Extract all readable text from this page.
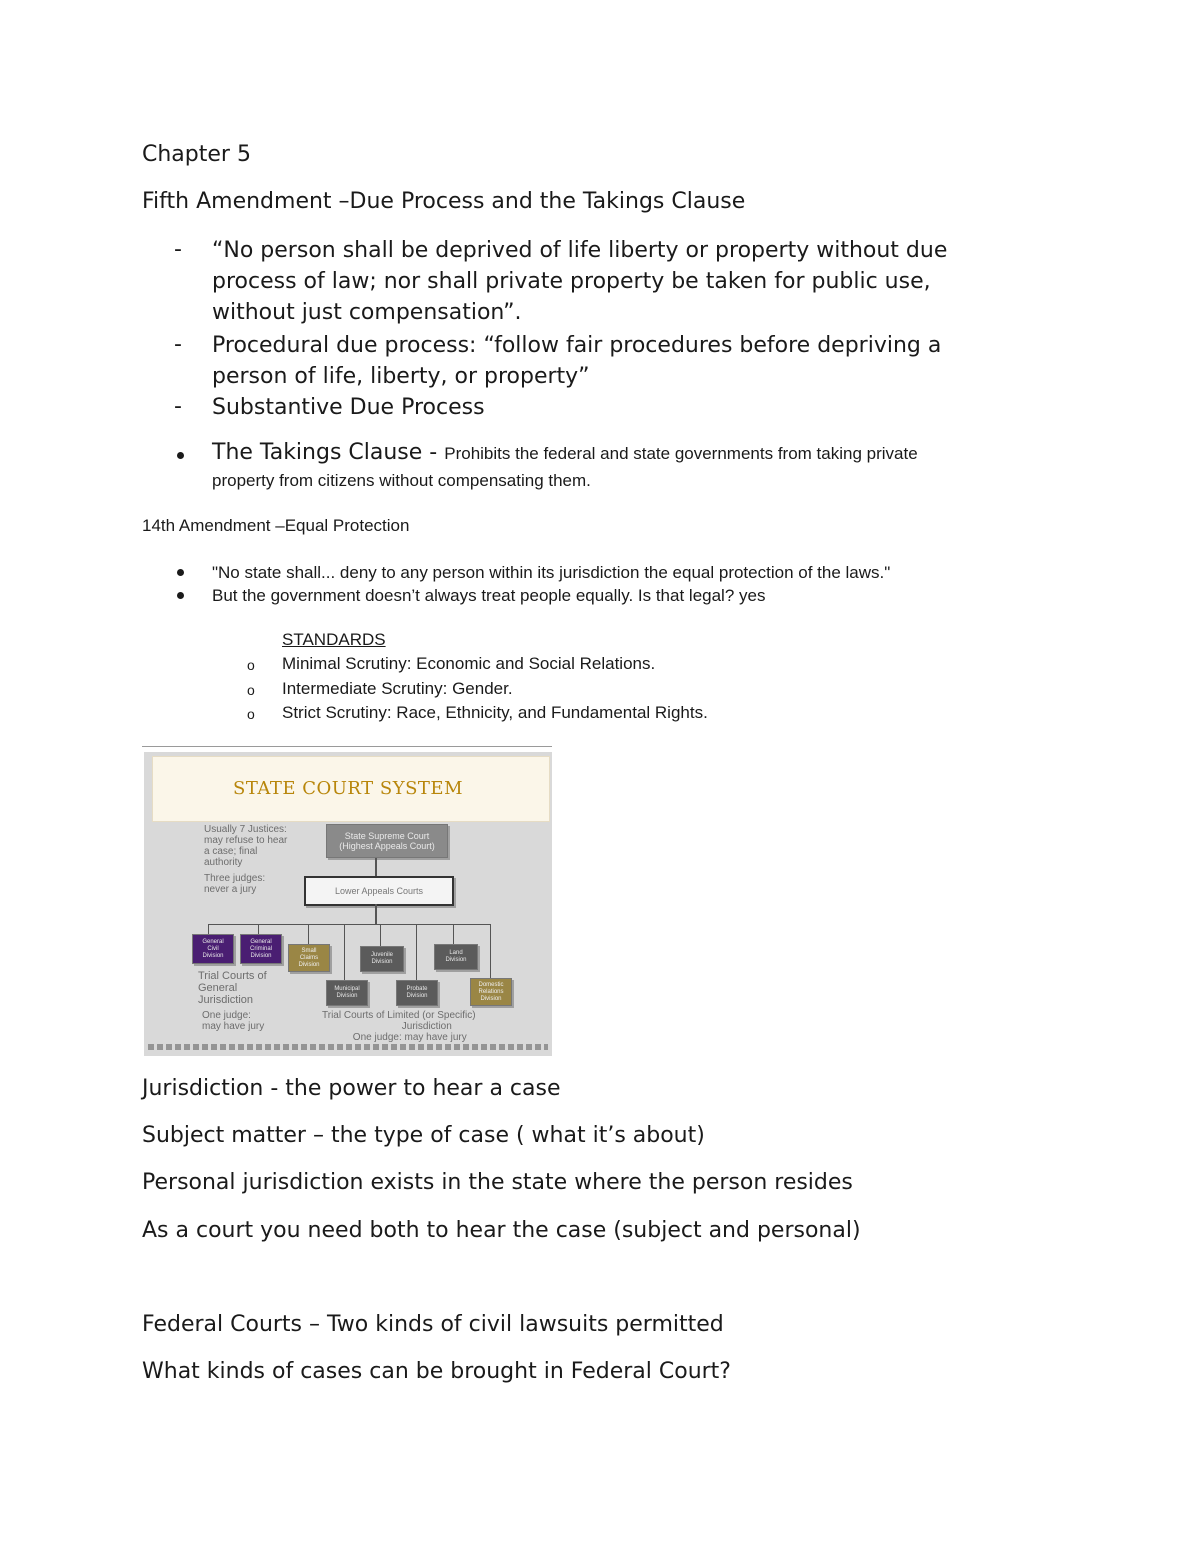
Chapter 5
Fifth Amendment –Due Process and the Takings Clause
- “No person shall be deprived of life liberty or property without due
process of law; nor shall private property be taken for public use,
without just compensation”.
- Procedural due process: “follow fair procedures before depriving a
person of life, liberty, or property”
- Substantive Due Process
The Takings Clause - Prohibits the federal and state governments from taking private
property from citizens without compensating them.
14th Amendment –Equal Protection
"No state shall... deny to any person within its jurisdiction the equal protection of the laws."
But the government doesn’t always treat people equally. Is that legal? yes
STANDARDS
o Minimal Scrutiny: Economic and Social Relations.
o Intermediate Scrutiny: Gender.
o Strict Scrutiny: Race, Ethnicity, and Fundamental Rights.
STATE COURT SYSTEM
Usually 7 Justices:
may refuse to hear
a case; final
authority
Three judges:
never a jury
State Supreme Court
(Highest Appeals Court)
Lower Appeals Courts
General
Civil
Division
General
Criminal
Division
Small
Claims
Division
Juvenile
Division
Land
Division
Municipal
Division
Probate
Division
Domestic
Relations
Division
Trial Courts of
General
Jurisdiction
One judge:
may have jury
Trial Courts of Limited (or Specific)
Jurisdiction
One judge: may have jury
Jurisdiction - the power to hear a case
Subject matter – the type of case ( what it’s about)
Personal jurisdiction exists in the state where the person resides
As a court you need both to hear the case (subject and personal)
Federal Courts – Two kinds of civil lawsuits permitted
What kinds of cases can be brought in Federal Court?
